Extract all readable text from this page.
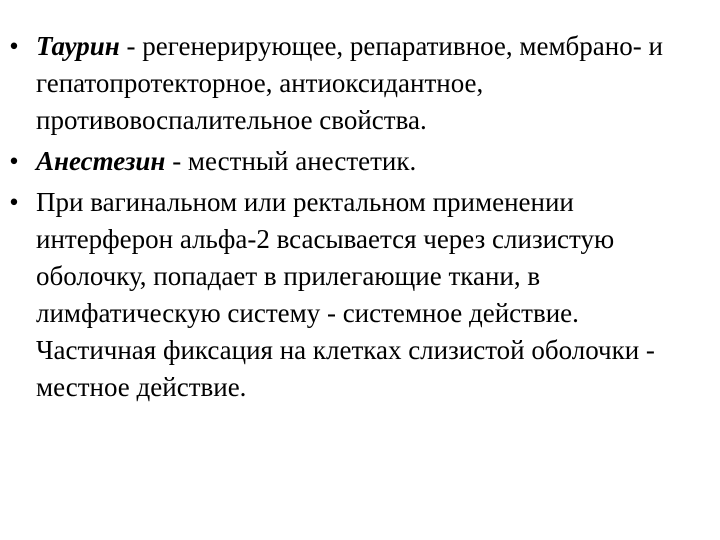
• Таурин - регенерирующее, репаративное, мембрано- и гепатопротекторное, антиоксидантное, противовоспалительное свойства.
• Анестезин - местный анестетик.
• При вагинальном или ректальном применении интерферон альфа-2 всасывается через слизистую оболочку, попадает в прилегающие ткани, в лимфатическую систему - системное действие. Частичная фиксация на клетках слизистой оболочки - местное действие.
